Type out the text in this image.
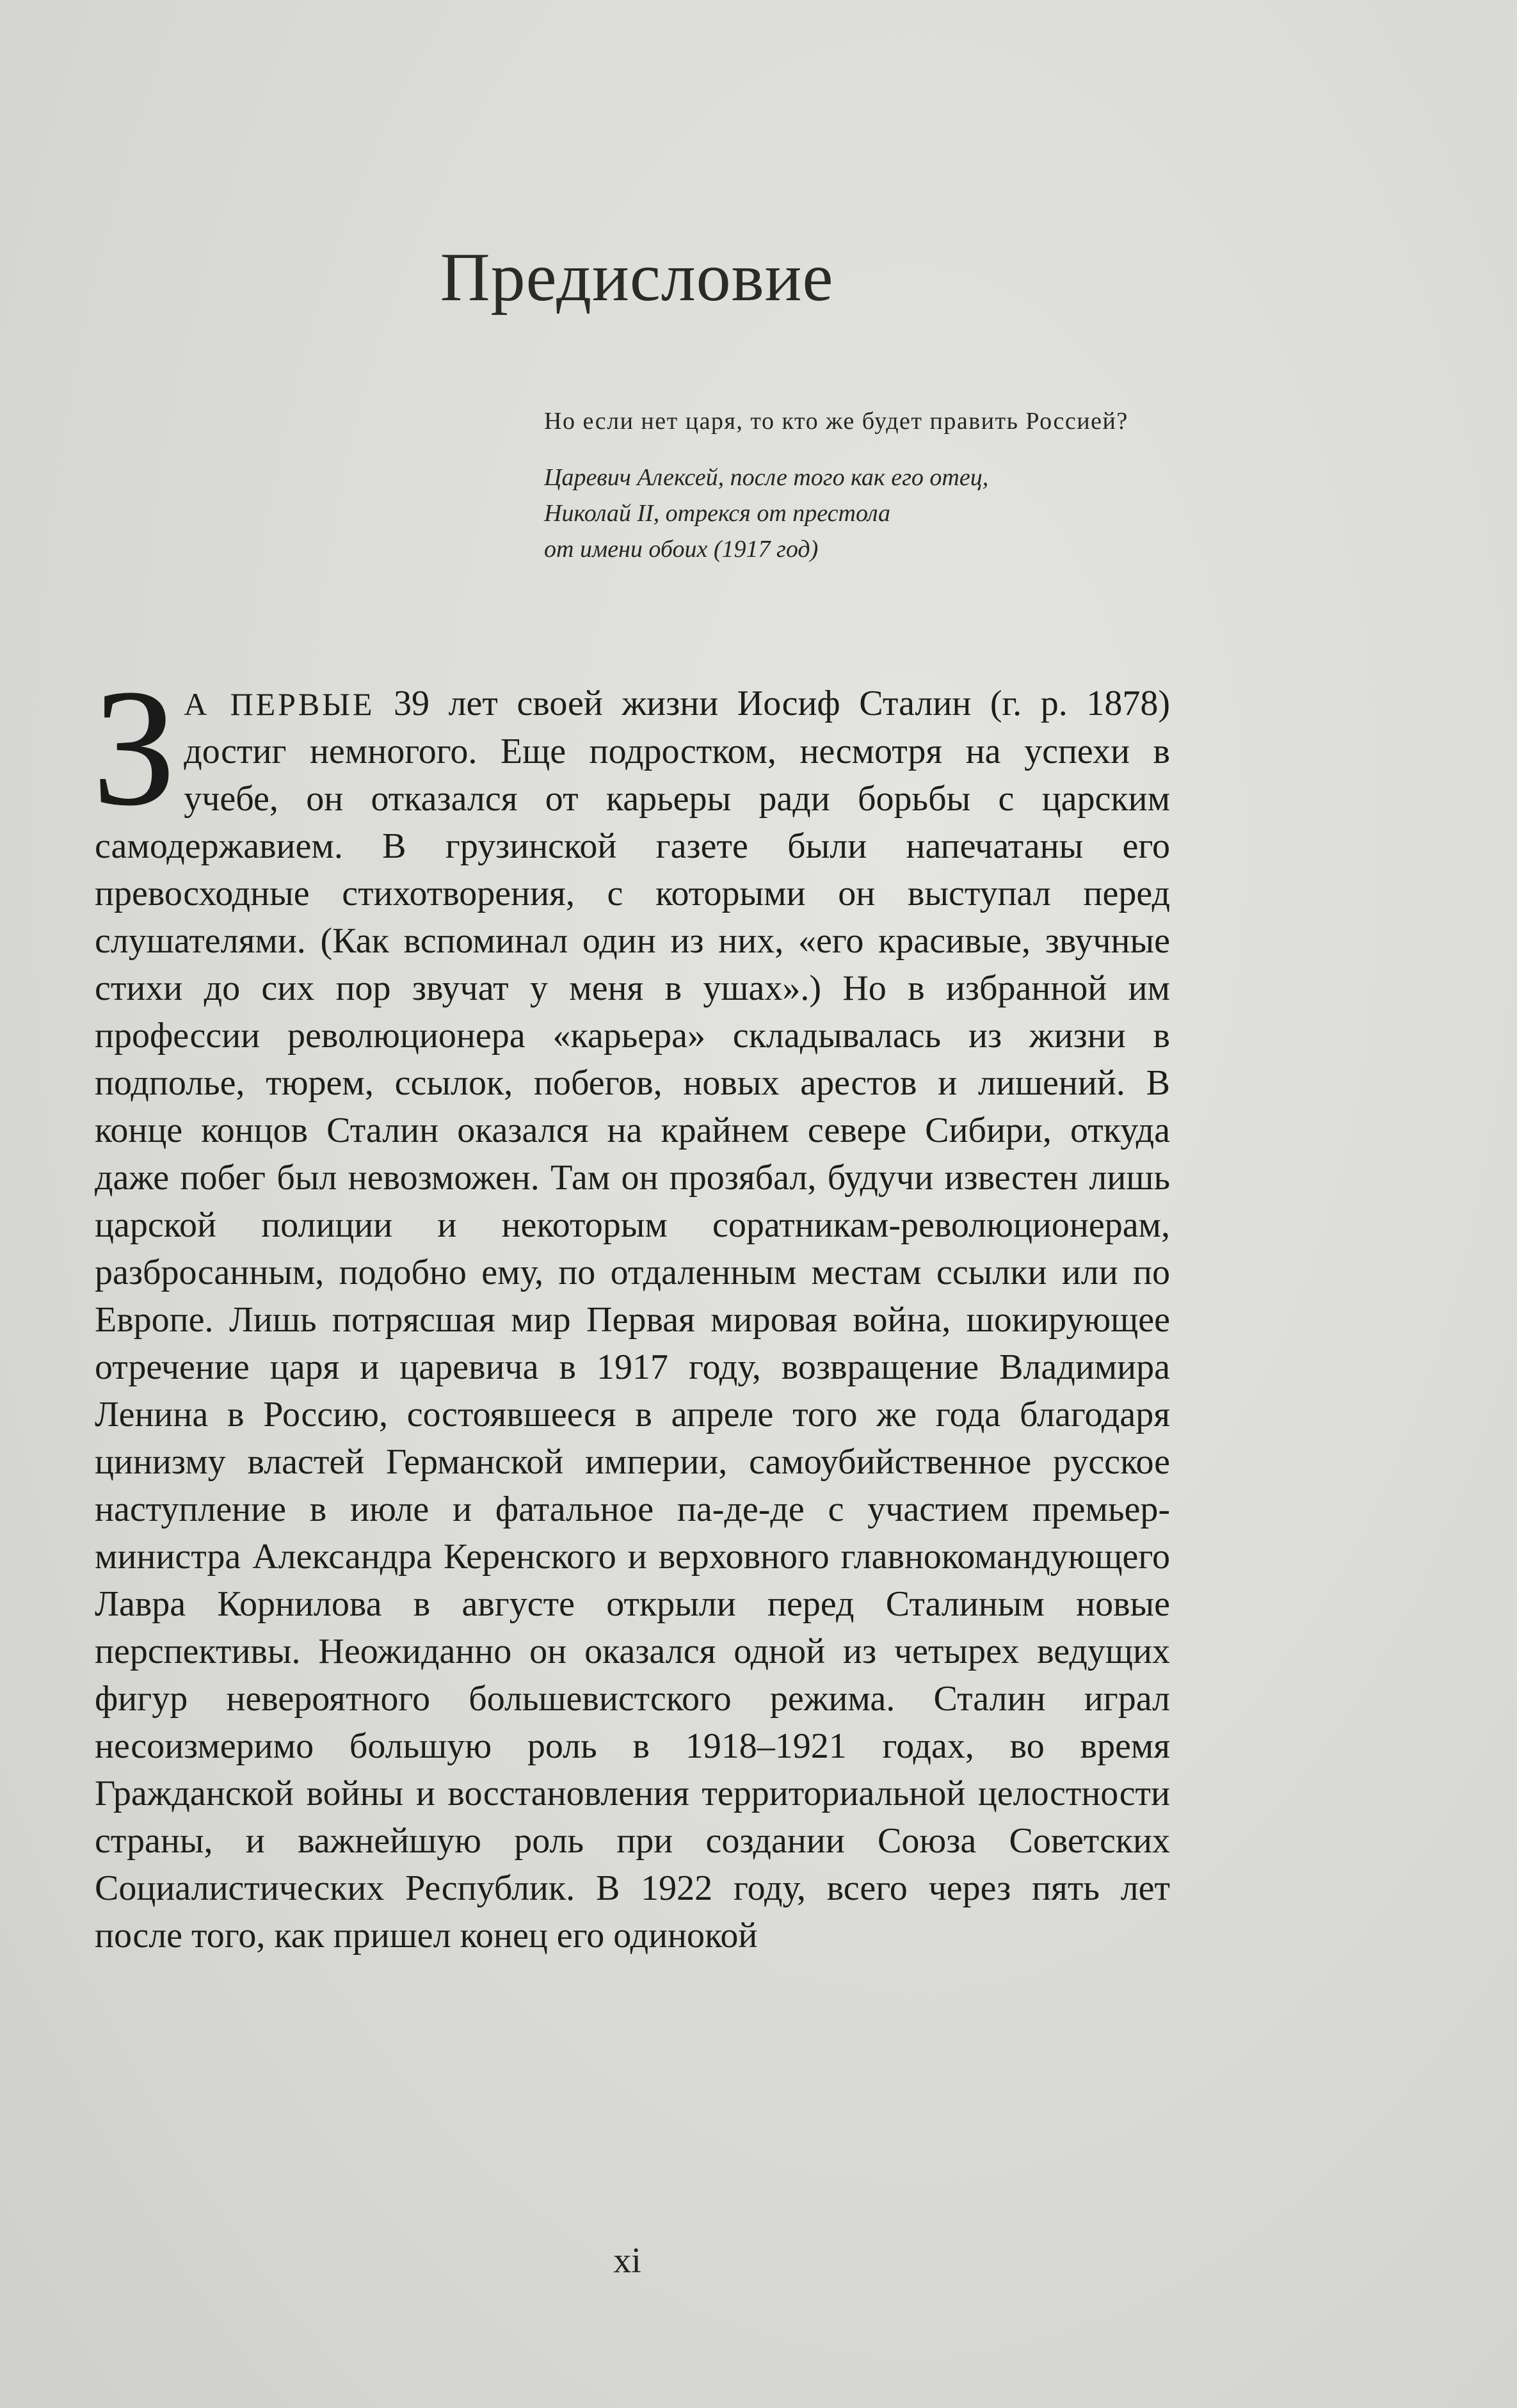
Предисловие

Но если нет царя, то кто же будет править Россией?

Царевич Алексей, после того как его отец,
Николай II, отрекся от престола
от имени обоих (1917 год)

ЗА ПЕРВЫЕ 39 лет своей жизни Иосиф Сталин (г. р. 1878) достиг немногого. Еще подростком, несмотря на успехи в учебе, он отказался от карьеры ради борьбы с царским самодержавием. В грузинской газете были напечатаны его превосходные стихотворения, с которыми он выступал перед слушателями. (Как вспоминал один из них, «его красивые, звучные стихи до сих пор звучат у меня в ушах».) Но в избранной им профессии революционера «карьера» складывалась из жизни в подполье, тюрем, ссылок, побегов, новых арестов и лишений. В конце концов Сталин оказался на крайнем севере Сибири, откуда даже побег был невозможен. Там он прозябал, будучи известен лишь царской полиции и некоторым соратникам-революционерам, разбросанным, подобно ему, по отдаленным местам ссылки или по Европе. Лишь потрясшая мир Первая мировая война, шокирующее отречение царя и царевича в 1917 году, возвращение Владимира Ленина в Россию, состоявшееся в апреле того же года благодаря цинизму властей Германской империи, самоубийственное русское наступление в июле и фатальное па-де-де с участием премьер-министра Александра Керенского и верховного главнокомандующего Лавра Корнилова в августе открыли перед Сталиным новые перспективы. Неожиданно он оказался одной из четырех ведущих фигур невероятного большевистского режима. Сталин играл несоизмеримо большую роль в 1918–1921 годах, во время Гражданской войны и восстановления территориальной целостности страны, и важнейшую роль при создании Союза Советских Социалистических Республик. В 1922 году, всего через пять лет после того, как пришел конец его одинокой

xi
